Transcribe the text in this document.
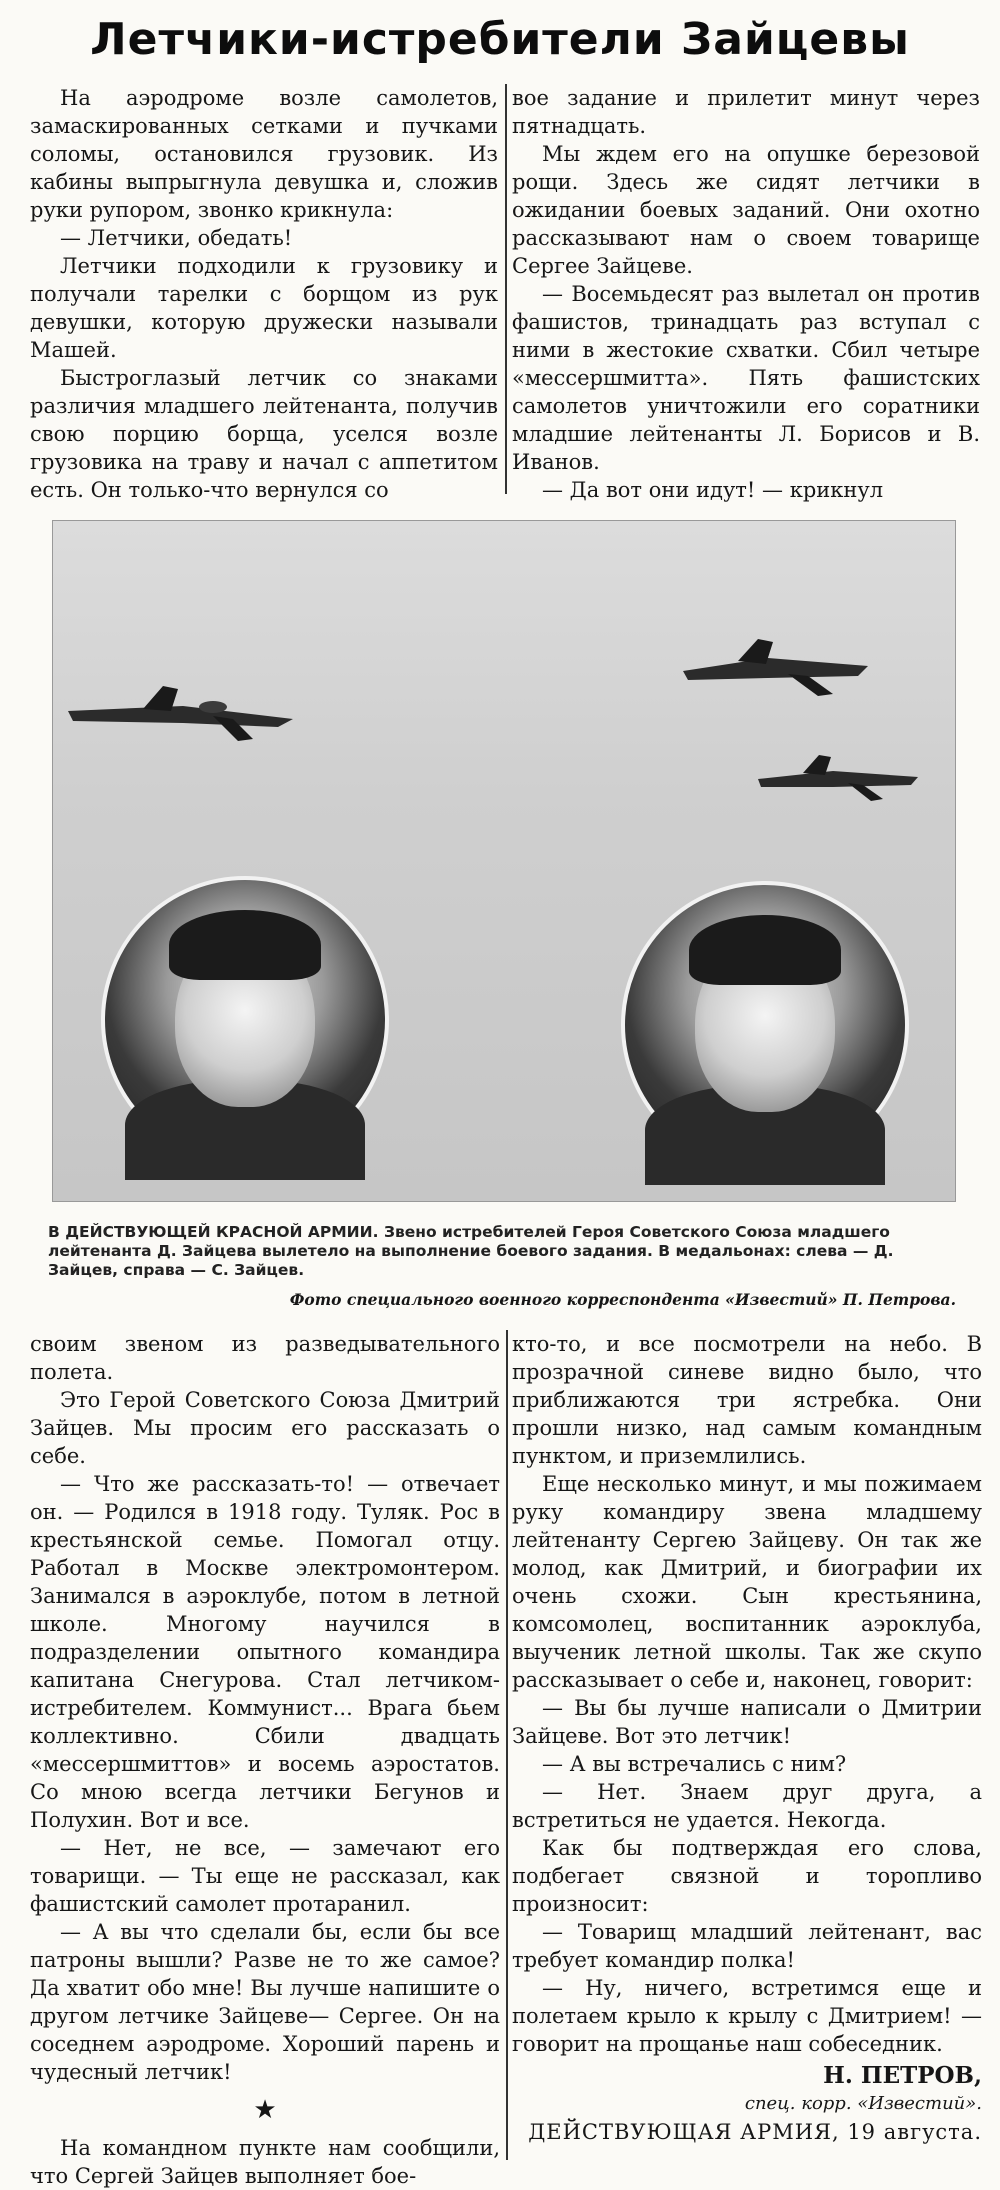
Летчики-истребители Зайцевы

На аэродроме возле самолетов, замаскированных сетками и пучками соломы, остановился грузовик. Из кабины выпрыгнула девушка и, сложив руки рупором, звонко крикнула:

— Летчики, обедать!

Летчики подходили к грузовику и получали тарелки с борщом из рук девушки, которую дружески называли Машей.

Быстроглазый летчик со знаками различия младшего лейтенанта, получив свою порцию борща, уселся возле грузовика на траву и начал с аппетитом есть. Он только-что вернулся со

вое задание и прилетит минут через пятнадцать.

Мы ждем его на опушке березовой рощи. Здесь же сидят летчики в ожидании боевых заданий. Они охотно рассказывают нам о своем товарище Сергее Зайцеве.

— Восемьдесят раз вылетал он против фашистов, тринадцать раз вступал с ними в жестокие схватки. Сбил четыре «мессершмитта». Пять фашистских самолетов уничтожили его соратники младшие лейтенанты Л. Борисов и В. Иванов.

— Да вот они идут! — крикнул

В ДЕЙСТВУЮЩЕЙ КРАСНОЙ АРМИИ. Звено истребителей Героя Советского Союза младшего лейтенанта Д. Зайцева вылетело на выполнение боевого задания. В медальонах: слева — Д. Зайцев, справа — С. Зайцев.
Фото специального военного корреспондента «Известий» П. Петрова.

своим звеном из разведывательного полета.

Это Герой Советского Союза Дмитрий Зайцев. Мы просим его рассказать о себе.

— Что же рассказать-то! — отвечает он. — Родился в 1918 году. Туляк. Рос в крестьянской семье. Помогал отцу. Работал в Москве электромонтером. Занимался в аэроклубе, потом в летной школе. Многому научился в подразделении опытного командира капитана Снегурова. Стал летчиком-истребителем. Коммунист... Врага бьем коллективно. Сбили двадцать «мессершмиттов» и восемь аэростатов. Со мною всегда летчики Бегунов и Полухин. Вот и все.

— Нет, не все, — замечают его товарищи. — Ты еще не рассказал, как фашистский самолет протаранил.

— А вы что сделали бы, если бы все патроны вышли? Разве не то же самое? Да хватит обо мне! Вы лучше напишите о другом летчике Зайцеве— Сергее. Он на соседнем аэродроме. Хороший парень и чудесный летчик!

★

На командном пункте нам сообщили, что Сергей Зайцев выполняет бое-

кто-то, и все посмотрели на небо. В прозрачной синеве видно было, что приближаются три ястребка. Они прошли низко, над самым командным пунктом, и приземлились.

Еще несколько минут, и мы пожимаем руку командиру звена младшему лейтенанту Сергею Зайцеву. Он так же молод, как Дмитрий, и биографии их очень схожи. Сын крестьянина, комсомолец, воспитанник аэроклуба, выученик летной школы. Так же скупо рассказывает о себе и, наконец, говорит:

— Вы бы лучше написали о Дмитрии Зайцеве. Вот это летчик!

— А вы встречались с ним?

— Нет. Знаем друг друга, а встретиться не удается. Некогда.

Как бы подтверждая его слова, подбегает связной и торопливо произносит:

— Товарищ младший лейтенант, вас требует командир полка!

— Ну, ничего, встретимся еще и полетаем крыло к крылу с Дмитрием! — говорит на прощанье наш собеседник.

Н. ПЕТРОВ,
спец. корр. «Известий».
ДЕЙСТВУЮЩАЯ АРМИЯ, 19 августа.
